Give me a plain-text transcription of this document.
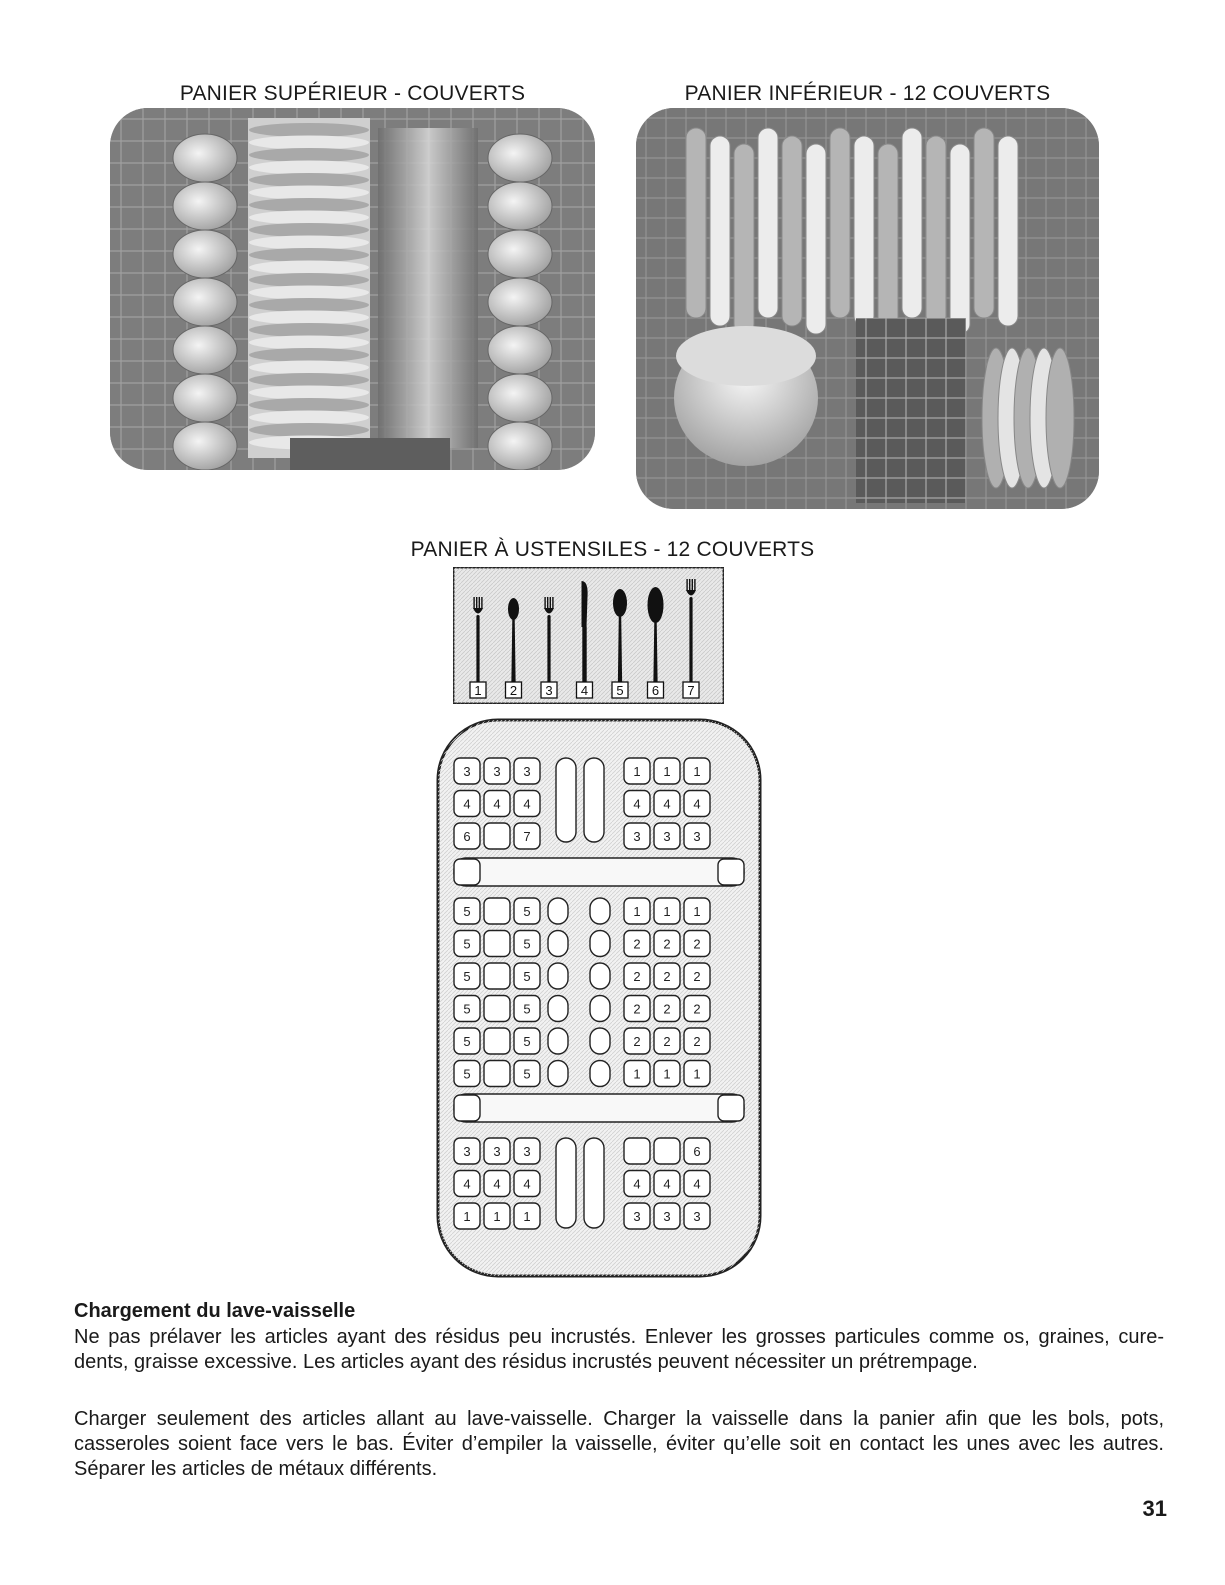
PANIER SUPÉRIEUR - COUVERTS	PANIER INFÉRIEUR - 12 COUVERTS
PANIER À USTENSILES - 12 COUVERTS
1 2 3 4 5 6 7
3 3 3	1 1 1
4 4 4	4 4 4
6	7	3 3 3
5	5	1 1 1
5	5	2 2 2
5	5	2 2 2
5	5	2 2 2
5	5	2 2 2
5	5	1 1 1
3 3 3	6
4 4 4	4 4 4
1 1 1	3 3 3
Chargement du lave-vaisselle

Ne pas prélaver les articles ayant des résidus peu incrustés. Enlever les grosses particules comme os, graines, cure-dents, graisse excessive. Les articles ayant des résidus incrustés peuvent nécessiter un prétrempage.

Charger seulement des articles allant au lave-vaisselle. Charger la vaisselle dans la panier afin que les bols, pots, casseroles soient face vers le bas. Éviter d’empiler la vaisselle, éviter qu’elle soit en contact les unes avec les autres. Séparer les articles de métaux différents.

31
